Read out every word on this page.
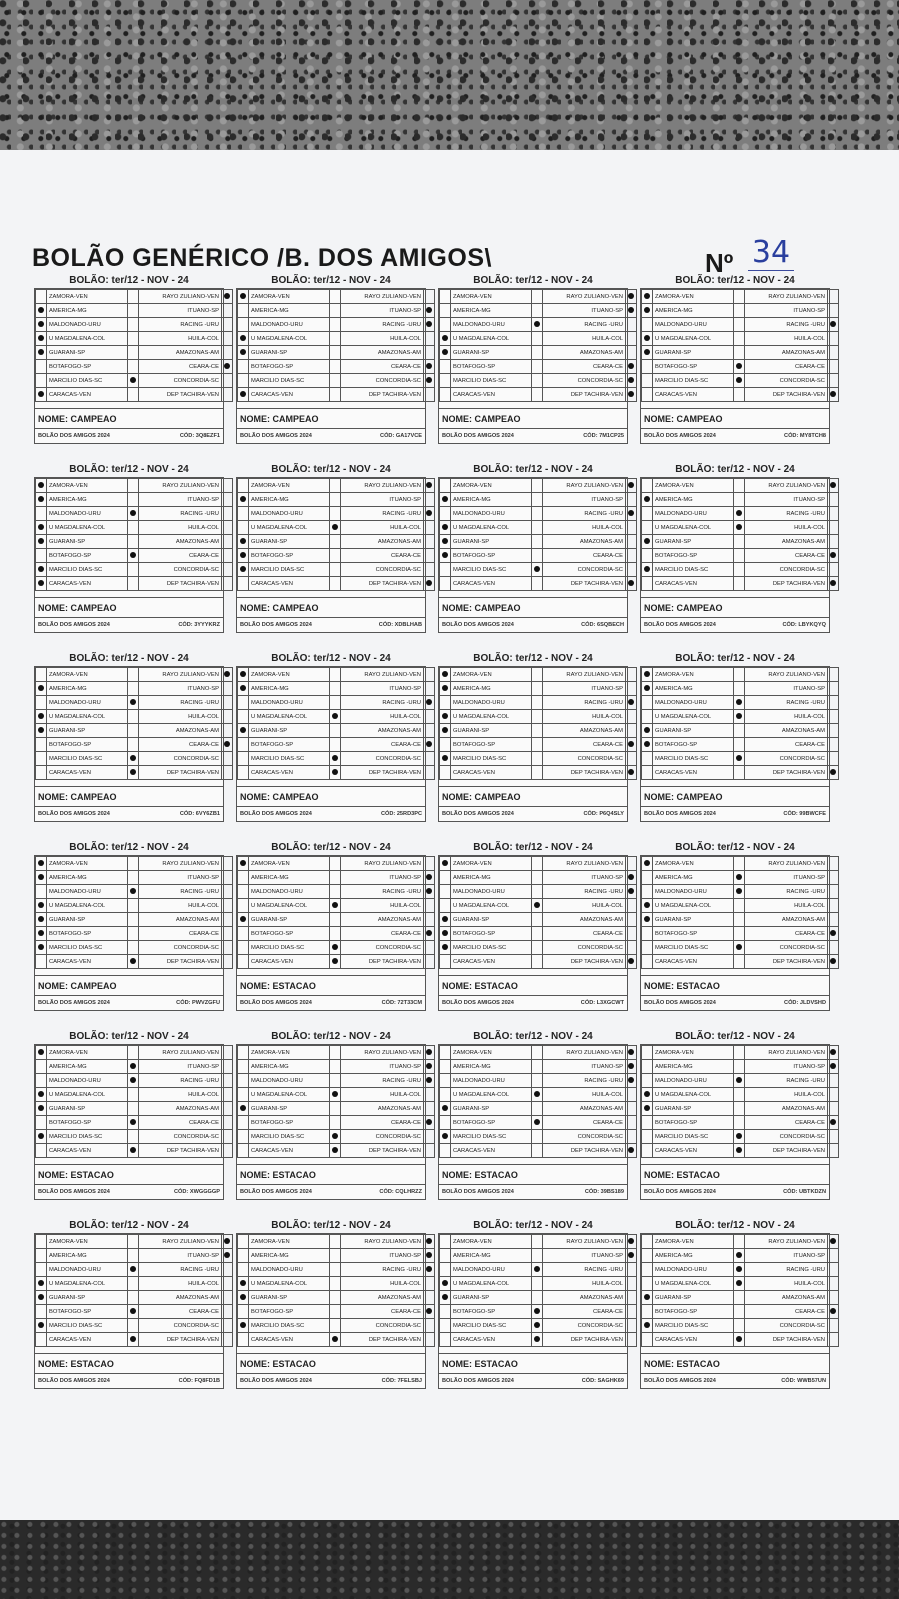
BOLÃO GENÉRICO /B. DOS AMIGOS\	Nº 34
BOLÃO: ter/12 - NOV - 24
	ZAMORA-VEN		RAYO ZULIANO-VEN	
	AMERICA-MG		ITUANO-SP	
	MALDONADO-URU		RACING -URU	
	U MAGDALENA-COL		HUILA-COL	
	GUARANI-SP		AMAZONAS-AM	
	BOTAFOGO-SP		CEARA-CE	
	MARCILIO DIAS-SC		CONCORDIA-SC	
	CARACAS-VEN		DEP TACHIRA-VEN	
NOME: CAMPEAO
BOLÃO DOS AMIGOS 2024	CÓD: 3Q8EZF1
BOLÃO: ter/12 - NOV - 24
	ZAMORA-VEN		RAYO ZULIANO-VEN	
	AMERICA-MG		ITUANO-SP	
	MALDONADO-URU		RACING -URU	
	U MAGDALENA-COL		HUILA-COL	
	GUARANI-SP		AMAZONAS-AM	
	BOTAFOGO-SP		CEARA-CE	
	MARCILIO DIAS-SC		CONCORDIA-SC	
	CARACAS-VEN		DEP TACHIRA-VEN	
NOME: CAMPEAO
BOLÃO DOS AMIGOS 2024	CÓD: GA17VCE
BOLÃO: ter/12 - NOV - 24
	ZAMORA-VEN		RAYO ZULIANO-VEN	
	AMERICA-MG		ITUANO-SP	
	MALDONADO-URU		RACING -URU	
	U MAGDALENA-COL		HUILA-COL	
	GUARANI-SP		AMAZONAS-AM	
	BOTAFOGO-SP		CEARA-CE	
	MARCILIO DIAS-SC		CONCORDIA-SC	
	CARACAS-VEN		DEP TACHIRA-VEN	
NOME: CAMPEAO
BOLÃO DOS AMIGOS 2024	CÓD: 7M1CP25
BOLÃO: ter/12 - NOV - 24
	ZAMORA-VEN		RAYO ZULIANO-VEN	
	AMERICA-MG		ITUANO-SP	
	MALDONADO-URU		RACING -URU	
	U MAGDALENA-COL		HUILA-COL	
	GUARANI-SP		AMAZONAS-AM	
	BOTAFOGO-SP		CEARA-CE	
	MARCILIO DIAS-SC		CONCORDIA-SC	
	CARACAS-VEN		DEP TACHIRA-VEN	
NOME: CAMPEAO
BOLÃO DOS AMIGOS 2024	CÓD: MY8TCH8
BOLÃO: ter/12 - NOV - 24
	ZAMORA-VEN		RAYO ZULIANO-VEN	
	AMERICA-MG		ITUANO-SP	
	MALDONADO-URU		RACING -URU	
	U MAGDALENA-COL		HUILA-COL	
	GUARANI-SP		AMAZONAS-AM	
	BOTAFOGO-SP		CEARA-CE	
	MARCILIO DIAS-SC		CONCORDIA-SC	
	CARACAS-VEN		DEP TACHIRA-VEN	
NOME: CAMPEAO
BOLÃO DOS AMIGOS 2024	CÓD: 3YYYKRZ
BOLÃO: ter/12 - NOV - 24
	ZAMORA-VEN		RAYO ZULIANO-VEN	
	AMERICA-MG		ITUANO-SP	
	MALDONADO-URU		RACING -URU	
	U MAGDALENA-COL		HUILA-COL	
	GUARANI-SP		AMAZONAS-AM	
	BOTAFOGO-SP		CEARA-CE	
	MARCILIO DIAS-SC		CONCORDIA-SC	
	CARACAS-VEN		DEP TACHIRA-VEN	
NOME: CAMPEAO
BOLÃO DOS AMIGOS 2024	CÓD: XDBLHAB
BOLÃO: ter/12 - NOV - 24
	ZAMORA-VEN		RAYO ZULIANO-VEN	
	AMERICA-MG		ITUANO-SP	
	MALDONADO-URU		RACING -URU	
	U MAGDALENA-COL		HUILA-COL	
	GUARANI-SP		AMAZONAS-AM	
	BOTAFOGO-SP		CEARA-CE	
	MARCILIO DIAS-SC		CONCORDIA-SC	
	CARACAS-VEN		DEP TACHIRA-VEN	
NOME: CAMPEAO
BOLÃO DOS AMIGOS 2024	CÓD: 6SQBECH
BOLÃO: ter/12 - NOV - 24
	ZAMORA-VEN		RAYO ZULIANO-VEN	
	AMERICA-MG		ITUANO-SP	
	MALDONADO-URU		RACING -URU	
	U MAGDALENA-COL		HUILA-COL	
	GUARANI-SP		AMAZONAS-AM	
	BOTAFOGO-SP		CEARA-CE	
	MARCILIO DIAS-SC		CONCORDIA-SC	
	CARACAS-VEN		DEP TACHIRA-VEN	
NOME: CAMPEAO
BOLÃO DOS AMIGOS 2024	CÓD: LBYKQYQ
BOLÃO: ter/12 - NOV - 24
	ZAMORA-VEN		RAYO ZULIANO-VEN	
	AMERICA-MG		ITUANO-SP	
	MALDONADO-URU		RACING -URU	
	U MAGDALENA-COL		HUILA-COL	
	GUARANI-SP		AMAZONAS-AM	
	BOTAFOGO-SP		CEARA-CE	
	MARCILIO DIAS-SC		CONCORDIA-SC	
	CARACAS-VEN		DEP TACHIRA-VEN	
NOME: CAMPEAO
BOLÃO DOS AMIGOS 2024	CÓD: 6VY6ZB1
BOLÃO: ter/12 - NOV - 24
	ZAMORA-VEN		RAYO ZULIANO-VEN	
	AMERICA-MG		ITUANO-SP	
	MALDONADO-URU		RACING -URU	
	U MAGDALENA-COL		HUILA-COL	
	GUARANI-SP		AMAZONAS-AM	
	BOTAFOGO-SP		CEARA-CE	
	MARCILIO DIAS-SC		CONCORDIA-SC	
	CARACAS-VEN		DEP TACHIRA-VEN	
NOME: CAMPEAO
BOLÃO DOS AMIGOS 2024	CÓD: 25RD3PC
BOLÃO: ter/12 - NOV - 24
	ZAMORA-VEN		RAYO ZULIANO-VEN	
	AMERICA-MG		ITUANO-SP	
	MALDONADO-URU		RACING -URU	
	U MAGDALENA-COL		HUILA-COL	
	GUARANI-SP		AMAZONAS-AM	
	BOTAFOGO-SP		CEARA-CE	
	MARCILIO DIAS-SC		CONCORDIA-SC	
	CARACAS-VEN		DEP TACHIRA-VEN	
NOME: CAMPEAO
BOLÃO DOS AMIGOS 2024	CÓD: P6Q4SLY
BOLÃO: ter/12 - NOV - 24
	ZAMORA-VEN		RAYO ZULIANO-VEN	
	AMERICA-MG		ITUANO-SP	
	MALDONADO-URU		RACING -URU	
	U MAGDALENA-COL		HUILA-COL	
	GUARANI-SP		AMAZONAS-AM	
	BOTAFOGO-SP		CEARA-CE	
	MARCILIO DIAS-SC		CONCORDIA-SC	
	CARACAS-VEN		DEP TACHIRA-VEN	
NOME: CAMPEAO
BOLÃO DOS AMIGOS 2024	CÓD: 99BWCFE
BOLÃO: ter/12 - NOV - 24
	ZAMORA-VEN		RAYO ZULIANO-VEN	
	AMERICA-MG		ITUANO-SP	
	MALDONADO-URU		RACING -URU	
	U MAGDALENA-COL		HUILA-COL	
	GUARANI-SP		AMAZONAS-AM	
	BOTAFOGO-SP		CEARA-CE	
	MARCILIO DIAS-SC		CONCORDIA-SC	
	CARACAS-VEN		DEP TACHIRA-VEN	
NOME: CAMPEAO
BOLÃO DOS AMIGOS 2024	CÓD: PWVZGFU
BOLÃO: ter/12 - NOV - 24
	ZAMORA-VEN		RAYO ZULIANO-VEN	
	AMERICA-MG		ITUANO-SP	
	MALDONADO-URU		RACING -URU	
	U MAGDALENA-COL		HUILA-COL	
	GUARANI-SP		AMAZONAS-AM	
	BOTAFOGO-SP		CEARA-CE	
	MARCILIO DIAS-SC		CONCORDIA-SC	
	CARACAS-VEN		DEP TACHIRA-VEN	
NOME: ESTACAO
BOLÃO DOS AMIGOS 2024	CÓD: 72T33CM
BOLÃO: ter/12 - NOV - 24
	ZAMORA-VEN		RAYO ZULIANO-VEN	
	AMERICA-MG		ITUANO-SP	
	MALDONADO-URU		RACING -URU	
	U MAGDALENA-COL		HUILA-COL	
	GUARANI-SP		AMAZONAS-AM	
	BOTAFOGO-SP		CEARA-CE	
	MARCILIO DIAS-SC		CONCORDIA-SC	
	CARACAS-VEN		DEP TACHIRA-VEN	
NOME: ESTACAO
BOLÃO DOS AMIGOS 2024	CÓD: L3XGCWT
BOLÃO: ter/12 - NOV - 24
	ZAMORA-VEN		RAYO ZULIANO-VEN	
	AMERICA-MG		ITUANO-SP	
	MALDONADO-URU		RACING -URU	
	U MAGDALENA-COL		HUILA-COL	
	GUARANI-SP		AMAZONAS-AM	
	BOTAFOGO-SP		CEARA-CE	
	MARCILIO DIAS-SC		CONCORDIA-SC	
	CARACAS-VEN		DEP TACHIRA-VEN	
NOME: ESTACAO
BOLÃO DOS AMIGOS 2024	CÓD: JLDVSHD
BOLÃO: ter/12 - NOV - 24
	ZAMORA-VEN		RAYO ZULIANO-VEN	
	AMERICA-MG		ITUANO-SP	
	MALDONADO-URU		RACING -URU	
	U MAGDALENA-COL		HUILA-COL	
	GUARANI-SP		AMAZONAS-AM	
	BOTAFOGO-SP		CEARA-CE	
	MARCILIO DIAS-SC		CONCORDIA-SC	
	CARACAS-VEN		DEP TACHIRA-VEN	
NOME: ESTACAO
BOLÃO DOS AMIGOS 2024	CÓD: XWGGGGP
BOLÃO: ter/12 - NOV - 24
	ZAMORA-VEN		RAYO ZULIANO-VEN	
	AMERICA-MG		ITUANO-SP	
	MALDONADO-URU		RACING -URU	
	U MAGDALENA-COL		HUILA-COL	
	GUARANI-SP		AMAZONAS-AM	
	BOTAFOGO-SP		CEARA-CE	
	MARCILIO DIAS-SC		CONCORDIA-SC	
	CARACAS-VEN		DEP TACHIRA-VEN	
NOME: ESTACAO
BOLÃO DOS AMIGOS 2024	CÓD: CQLHRZZ
BOLÃO: ter/12 - NOV - 24
	ZAMORA-VEN		RAYO ZULIANO-VEN	
	AMERICA-MG		ITUANO-SP	
	MALDONADO-URU		RACING -URU	
	U MAGDALENA-COL		HUILA-COL	
	GUARANI-SP		AMAZONAS-AM	
	BOTAFOGO-SP		CEARA-CE	
	MARCILIO DIAS-SC		CONCORDIA-SC	
	CARACAS-VEN		DEP TACHIRA-VEN	
NOME: ESTACAO
BOLÃO DOS AMIGOS 2024	CÓD: 39BS189
BOLÃO: ter/12 - NOV - 24
	ZAMORA-VEN		RAYO ZULIANO-VEN	
	AMERICA-MG		ITUANO-SP	
	MALDONADO-URU		RACING -URU	
	U MAGDALENA-COL		HUILA-COL	
	GUARANI-SP		AMAZONAS-AM	
	BOTAFOGO-SP		CEARA-CE	
	MARCILIO DIAS-SC		CONCORDIA-SC	
	CARACAS-VEN		DEP TACHIRA-VEN	
NOME: ESTACAO
BOLÃO DOS AMIGOS 2024	CÓD: UBTKDZN
BOLÃO: ter/12 - NOV - 24
	ZAMORA-VEN		RAYO ZULIANO-VEN	
	AMERICA-MG		ITUANO-SP	
	MALDONADO-URU		RACING -URU	
	U MAGDALENA-COL		HUILA-COL	
	GUARANI-SP		AMAZONAS-AM	
	BOTAFOGO-SP		CEARA-CE	
	MARCILIO DIAS-SC		CONCORDIA-SC	
	CARACAS-VEN		DEP TACHIRA-VEN	
NOME: ESTACAO
BOLÃO DOS AMIGOS 2024	CÓD: FQ8FD1B
BOLÃO: ter/12 - NOV - 24
	ZAMORA-VEN		RAYO ZULIANO-VEN	
	AMERICA-MG		ITUANO-SP	
	MALDONADO-URU		RACING -URU	
	U MAGDALENA-COL		HUILA-COL	
	GUARANI-SP		AMAZONAS-AM	
	BOTAFOGO-SP		CEARA-CE	
	MARCILIO DIAS-SC		CONCORDIA-SC	
	CARACAS-VEN		DEP TACHIRA-VEN	
NOME: ESTACAO
BOLÃO DOS AMIGOS 2024	CÓD: 7FELSBJ
BOLÃO: ter/12 - NOV - 24
	ZAMORA-VEN		RAYO ZULIANO-VEN	
	AMERICA-MG		ITUANO-SP	
	MALDONADO-URU		RACING -URU	
	U MAGDALENA-COL		HUILA-COL	
	GUARANI-SP		AMAZONAS-AM	
	BOTAFOGO-SP		CEARA-CE	
	MARCILIO DIAS-SC		CONCORDIA-SC	
	CARACAS-VEN		DEP TACHIRA-VEN	
NOME: ESTACAO
BOLÃO DOS AMIGOS 2024	CÓD: SAGHK69
BOLÃO: ter/12 - NOV - 24
	ZAMORA-VEN		RAYO ZULIANO-VEN	
	AMERICA-MG		ITUANO-SP	
	MALDONADO-URU		RACING -URU	
	U MAGDALENA-COL		HUILA-COL	
	GUARANI-SP		AMAZONAS-AM	
	BOTAFOGO-SP		CEARA-CE	
	MARCILIO DIAS-SC		CONCORDIA-SC	
	CARACAS-VEN		DEP TACHIRA-VEN	
NOME: ESTACAO
BOLÃO DOS AMIGOS 2024	CÓD: WWB57UN
